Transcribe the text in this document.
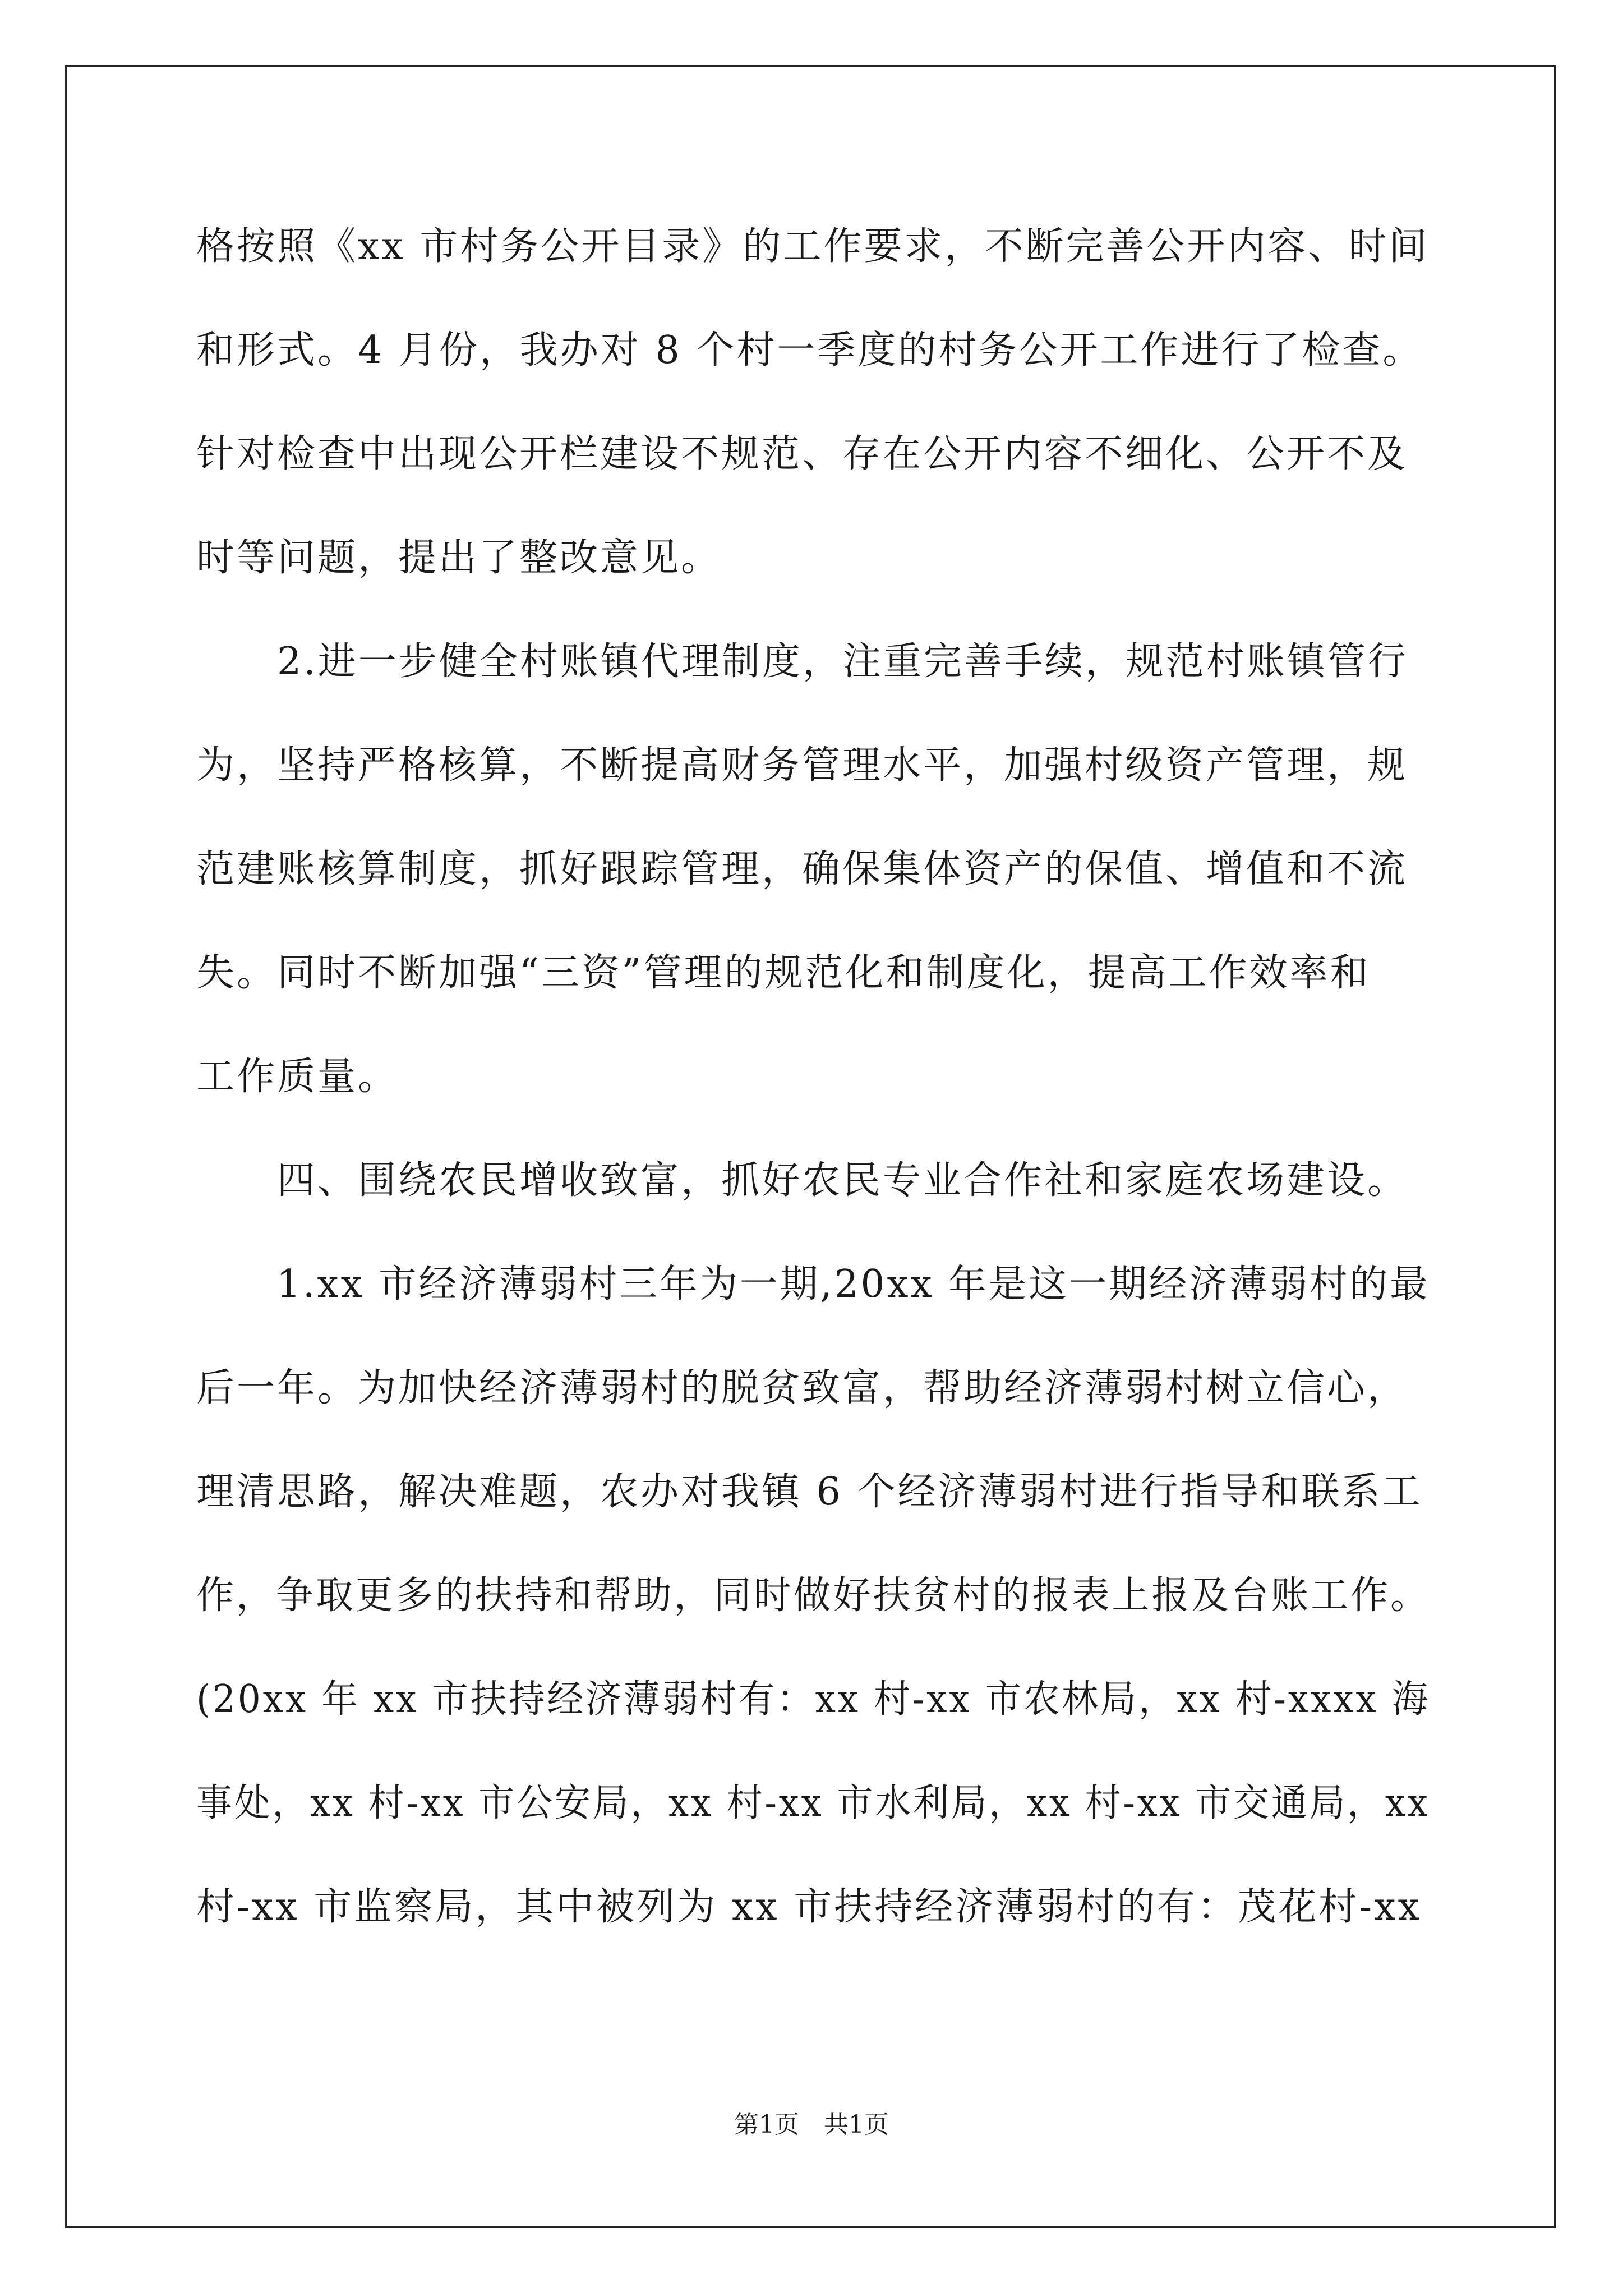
格按照《xx 市村务公开目录》的工作要求，不断完善公开内容、时间
和形式。4 月份，我办对 8 个村一季度的村务公开工作进行了检查。
针对检查中出现公开栏建设不规范、存在公开内容不细化、公开不及
时等问题，提出了整改意见。
　　2.进一步健全村账镇代理制度，注重完善手续，规范村账镇管行
为，坚持严格核算，不断提高财务管理水平，加强村级资产管理，规
范建账核算制度，抓好跟踪管理，确保集体资产的保值、增值和不流
失。同时不断加强“三资”管理的规范化和制度化，提高工作效率和
工作质量。
　　四、围绕农民增收致富，抓好农民专业合作社和家庭农场建设。
　　1.xx 市经济薄弱村三年为一期,20xx 年是这一期经济薄弱村的最
后一年。为加快经济薄弱村的脱贫致富，帮助经济薄弱村树立信心，
理清思路，解决难题，农办对我镇 6 个经济薄弱村进行指导和联系工
作，争取更多的扶持和帮助，同时做好扶贫村的报表上报及台账工作。
(20xx 年 xx 市扶持经济薄弱村有：xx 村-xx 市农林局，xx 村-xxxx 海
事处，xx 村-xx 市公安局，xx 村-xx 市水利局，xx 村-xx 市交通局，xx
村-xx 市监察局，其中被列为 xx 市扶持经济薄弱村的有：茂花村-xx
第1页　共1页
